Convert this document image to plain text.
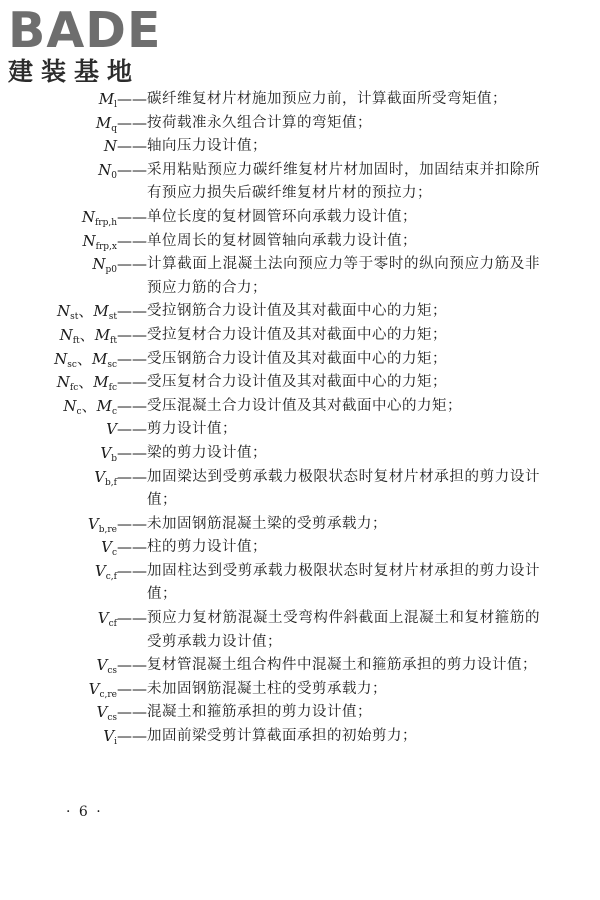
BADE
建装基地
$M_l——$ 碳纤维复材片材施加预应力前，计算截面所受弯矩值；
$M_q——$ 按荷载准永久组合计算的弯矩值；
N—— 轴向压力设计值；
$N_0——$ 采用粘贴预应力碳纤维复材片材加固时，加固结束并扣除所有预应力损失后碳纤维复材片材的预拉力；
$N_{frp,h}——$ 单位长度的复材圆管环向承载力设计值；
$N_{frp,x}——$ 单位周长的复材圆管轴向承载力设计值；
$N_{p0}——$ 计算截面上混凝土法向预应力等于零时的纵向预应力筋及非预应力筋的合力；
$N_{st}$、$M_{st}——$ 受拉钢筋合力设计值及其对截面中心的力矩；
$N_{ft}$、$M_{ft}——$ 受拉复材合力设计值及其对截面中心的力矩；
$N_{sc}$、$M_{sc}——$ 受压钢筋合力设计值及其对截面中心的力矩；
$N_{fc}$、$M_{fc}——$ 受压复材合力设计值及其对截面中心的力矩；
$N_c$、$M_c——$ 受压混凝土合力设计值及其对截面中心的力矩；
V—— 剪力设计值；
$V_b——$ 梁的剪力设计值；
$V_{b,f}——$ 加固梁达到受剪承载力极限状态时复材片材承担的剪力设计值；
$V_{b,re}——$ 未加固钢筋混凝土梁的受剪承载力；
$V_c——$ 柱的剪力设计值；
$V_{c,f}——$ 加固柱达到受剪承载力极限状态时复材片材承担的剪力设计值；
$V_{cf}——$ 预应力复材筋混凝土受弯构件斜截面上混凝土和复材箍筋的受剪承载力设计值；
$V_{cs}——$ 复材管混凝土组合构件中混凝土和箍筋承担的剪力设计值；
$V_{c,re}——$ 未加固钢筋混凝土柱的受剪承载力；
$V_{cs}——$ 混凝土和箍筋承担的剪力设计值；
$V_i——$ 加固前梁受剪计算截面承担的初始剪力；
· 6 ·
